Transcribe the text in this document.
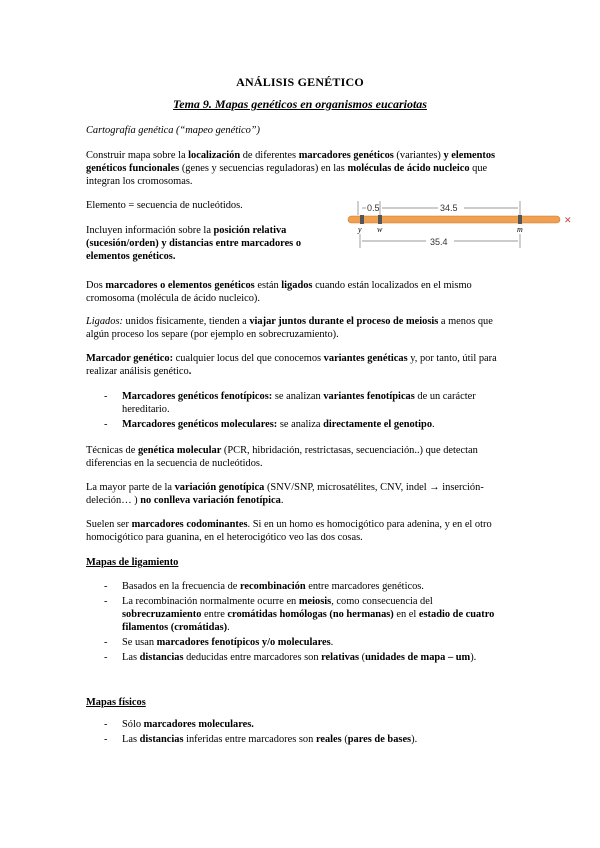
ANÁLISIS GENÉTICO
Tema 9. Mapas genéticos en organismos eucariotas

Cartografía genética (“mapeo genético”)

Construir mapa sobre la localización de diferentes marcadores genéticos (variantes) y elementos genéticos funcionales (genes y secuencias reguladoras) en las moléculas de ácido nucleico que integran los cromosomas.

Elemento = secuencia de nucleótidos.

Incluyen información sobre la posición relativa (sucesión/orden) y distancias entre marcadores o elementos genéticos.

Dos marcadores o elementos genéticos están ligados cuando están localizados en el mismo cromosoma (molécula de ácido nucleico).

Ligados: unidos físicamente, tienden a viajar juntos durante el proceso de meiosis a menos que algún proceso los separe (por ejemplo en sobrecruzamiento).

Marcador genético: cualquier locus del que conocemos variantes genéticas y, por tanto, útil para realizar análisis genético.

- Marcadores genéticos fenotípicos: se analizan variantes fenotípicas de un carácter hereditario.
- Marcadores genéticos moleculares: se analiza directamente el genotipo.

Técnicas de genética molecular (PCR, hibridación, restrictasas, secuenciación..) que detectan diferencias en la secuencia de nucleótidos.

La mayor parte de la variación genotípica (SNV/SNP, microsatélites, CNV, indel → inserción-deleción… ) no conlleva variación fenotípica.

Suelen ser marcadores codominantes. Si en un homo es homocigótico para adenina, y en el otro homocigótico para guanina, en el heterocigótico veo las dos cosas.

Mapas de ligamiento
- Basados en la frecuencia de recombinación entre marcadores genéticos.
- La recombinación normalmente ocurre en meiosis, como consecuencia del sobrecruzamiento entre cromátidas homólogas (no hermanas) en el estadio de cuatro filamentos (cromátidas).
- Se usan marcadores fenotípicos y/o moleculares.
- Las distancias deducidas entre marcadores son relativas (unidades de mapa – um).
Mapas físicos
- Sólo marcadores moleculares.
- Las distancias inferidas entre marcadores son reales (pares de bases).
0.5	34.5
✕
y w	m
35.4
